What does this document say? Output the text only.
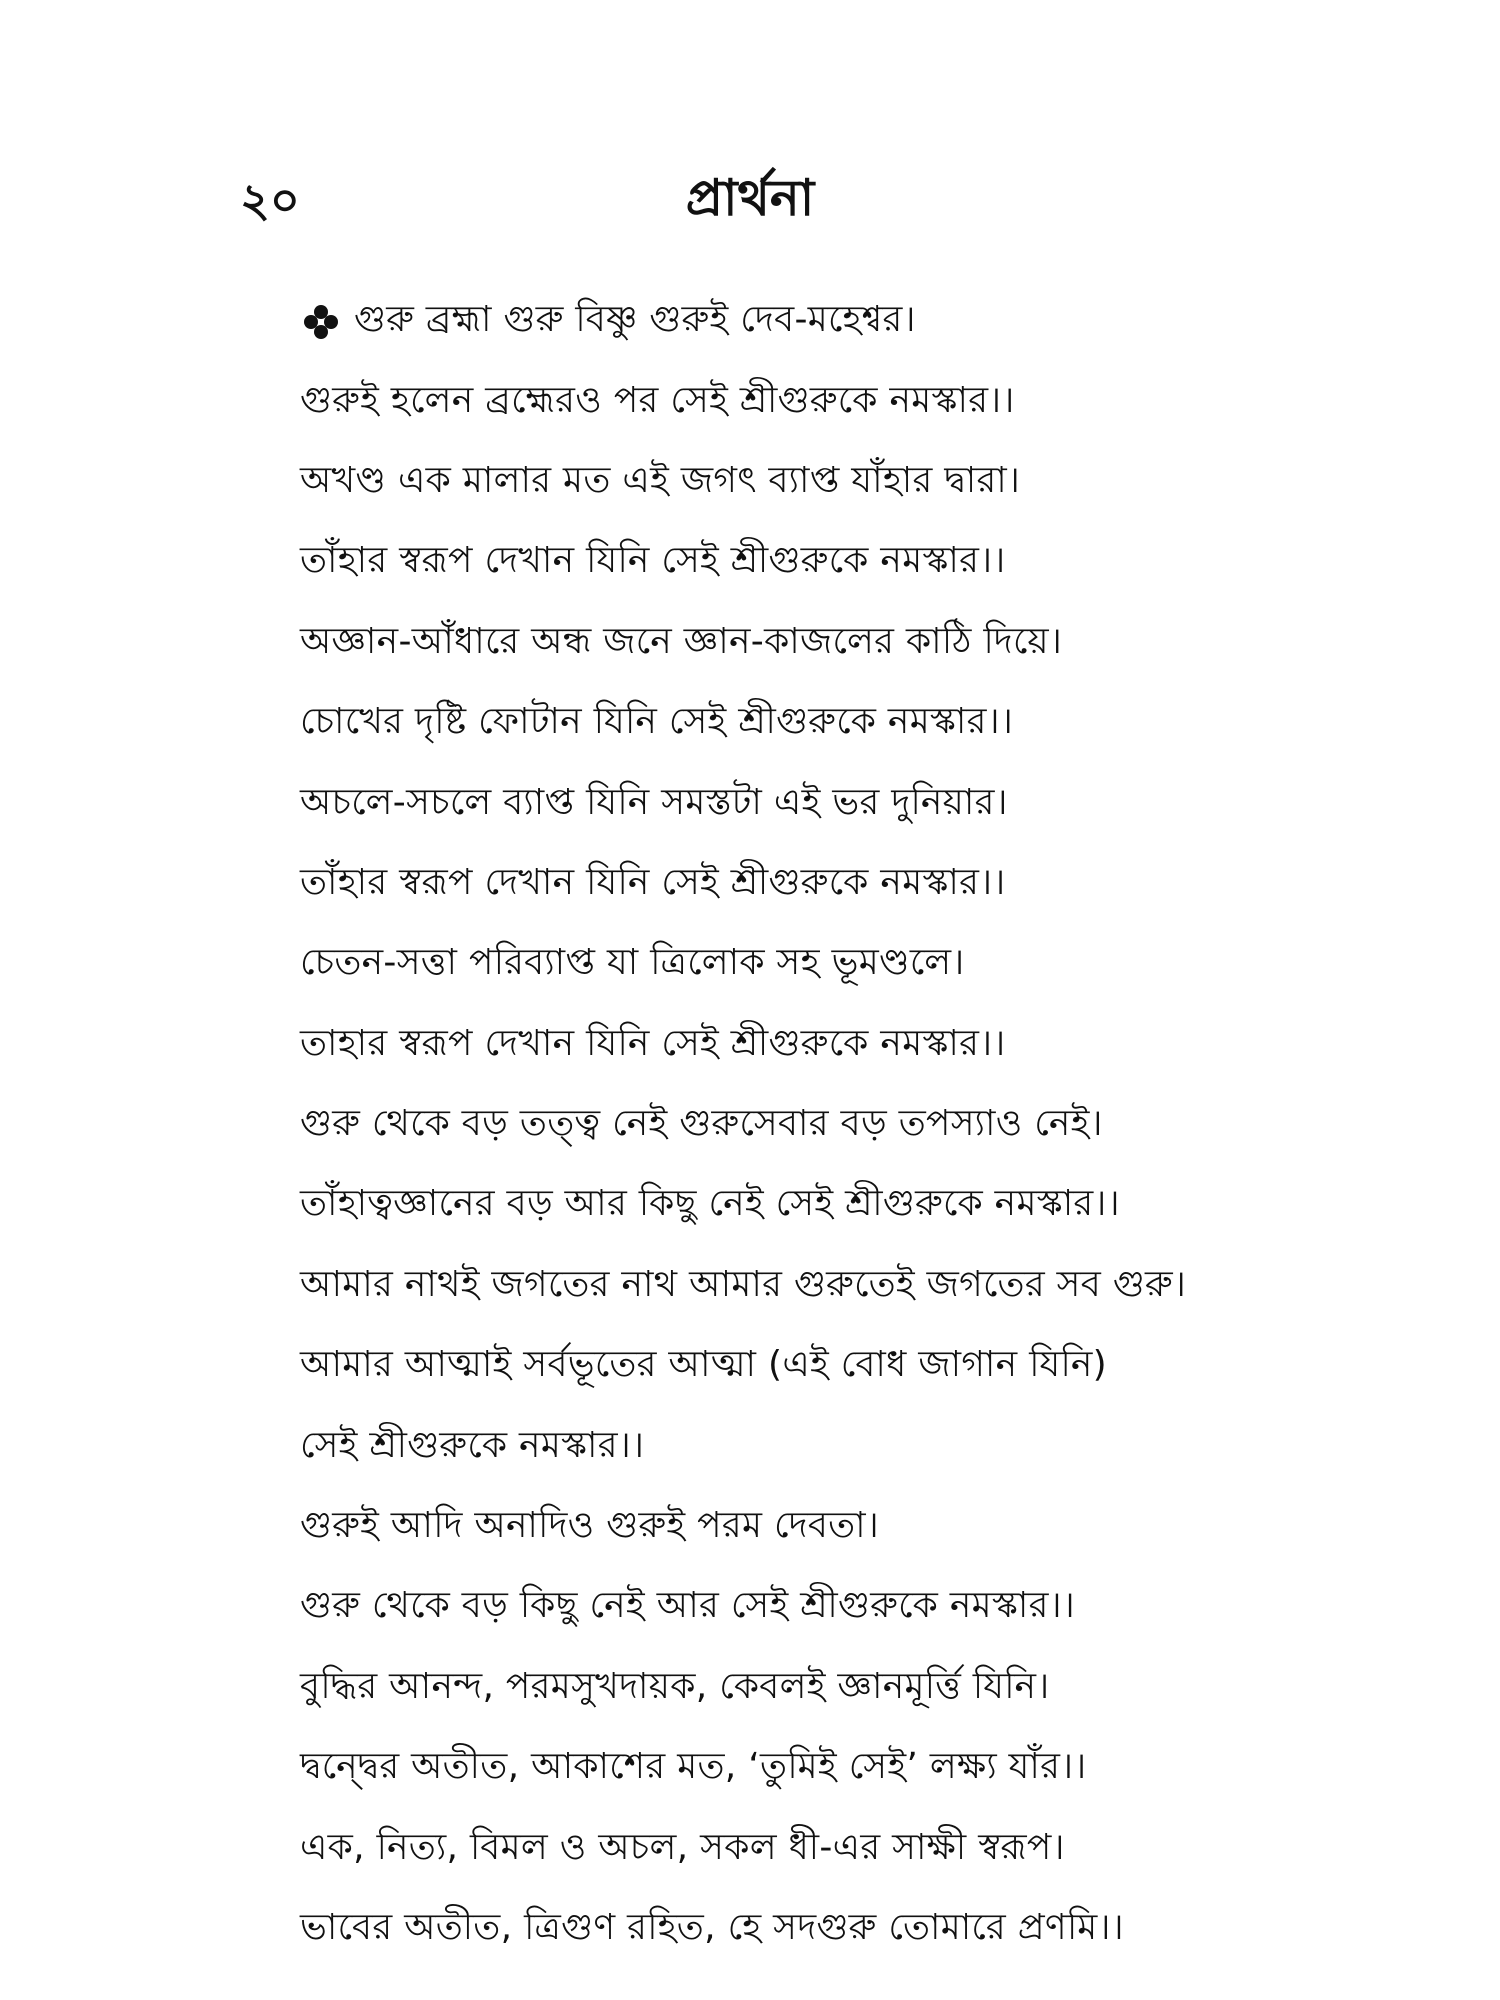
২০	প্রার্থনা
গুরু ব্রহ্মা গুরু বিষ্ণু গুরুই দেব-মহেশ্বর।
গুরুই হলেন ব্রহ্মেরও পর সেই শ্রীগুরুকে নমস্কার।।
অখণ্ড এক মালার মত এই জগৎ ব্যাপ্ত যাঁহার দ্বারা।
তাঁহার স্বরূপ দেখান যিনি সেই শ্রীগুরুকে নমস্কার।।
অজ্ঞান-আঁধারে অন্ধ জনে জ্ঞান-কাজলের কাঠি দিয়ে।
চোখের দৃষ্টি ফোটান যিনি সেই শ্রীগুরুকে নমস্কার।।
অচলে-সচলে ব্যাপ্ত যিনি সমস্তটা এই ভর দুনিয়ার।
তাঁহার স্বরূপ দেখান যিনি সেই শ্রীগুরুকে নমস্কার।।
চেতন-সত্তা পরিব্যাপ্ত যা ত্রিলোক সহ ভূমণ্ডলে।
তাহার স্বরূপ দেখান যিনি সেই শ্রীগুরুকে নমস্কার।।
গুরু থেকে বড় তত্ত্ব নেই গুরুসেবার বড় তপস্যাও নেই।
তাঁহাত্বজ্ঞানের বড় আর কিছু নেই সেই শ্রীগুরুকে নমস্কার।।
আমার নাথই জগতের নাথ আমার গুরুতেই জগতের সব গুরু।
আমার আত্মাই সর্বভূতের আত্মা (এই বোধ জাগান যিনি)
সেই শ্রীগুরুকে নমস্কার।।
গুরুই আদি অনাদিও গুরুই পরম দেবতা।
গুরু থেকে বড় কিছু নেই আর সেই শ্রীগুরুকে নমস্কার।।
বুদ্ধির আনন্দ, পরমসুখদায়ক, কেবলই জ্ঞানমূর্ত্তি যিনি।
দ্বন্দ্বের অতীত, আকাশের মত, ‘তুমিই সেই’ লক্ষ্য যাঁর।।
এক, নিত্য, বিমল ও অচল, সকল ধী-এর সাক্ষী স্বরূপ।
ভাবের অতীত, ত্রিগুণ রহিত, হে সদগুরু তোমারে প্রণমি।।
